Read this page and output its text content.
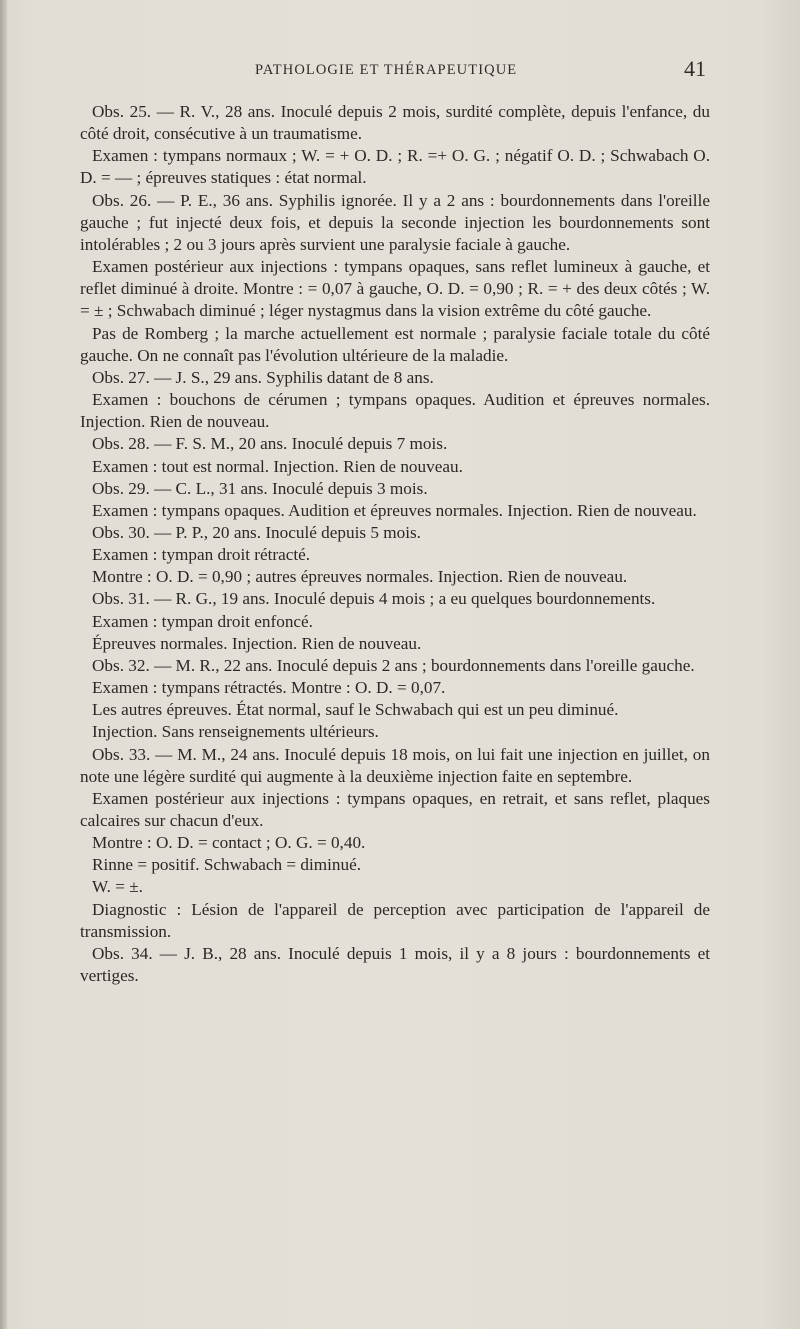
PATHOLOGIE ET THÉRAPEUTIQUE	41

Obs. 25. — R. V., 28 ans. Inoculé depuis 2 mois, surdité complète, depuis l'enfance, du côté droit, consécutive à un traumatisme.

Examen : tympans normaux ; W. = + O. D. ; R. =+ O. G. ; négatif O. D. ; Schwabach O. D. = — ; épreuves statiques : état normal.

Obs. 26. — P. E., 36 ans. Syphilis ignorée. Il y a 2 ans : bourdonnements dans l'oreille gauche ; fut injecté deux fois, et depuis la seconde injection les bourdonnements sont intolérables ; 2 ou 3 jours après survient une paralysie faciale à gauche.

Examen postérieur aux injections : tympans opaques, sans reflet lumineux à gauche, et reflet diminué à droite. Montre : = 0,07 à gauche, O. D. = 0,90 ; R. = + des deux côtés ; W. = ± ; Schwabach diminué ; léger nystagmus dans la vision extrême du côté gauche.

Pas de Romberg ; la marche actuellement est normale ; paralysie faciale totale du côté gauche. On ne connaît pas l'évolution ultérieure de la maladie.

Obs. 27. — J. S., 29 ans. Syphilis datant de 8 ans.

Examen : bouchons de cérumen ; tympans opaques. Audition et épreuves normales. Injection. Rien de nouveau.

Obs. 28. — F. S. M., 20 ans. Inoculé depuis 7 mois.

Examen : tout est normal. Injection. Rien de nouveau.

Obs. 29. — C. L., 31 ans. Inoculé depuis 3 mois.

Examen : tympans opaques. Audition et épreuves normales. Injection. Rien de nouveau.

Obs. 30. — P. P., 20 ans. Inoculé depuis 5 mois.

Examen : tympan droit rétracté.

Montre : O. D. = 0,90 ; autres épreuves normales. Injection. Rien de nouveau.

Obs. 31. — R. G., 19 ans. Inoculé depuis 4 mois ; a eu quelques bourdonnements.

Examen : tympan droit enfoncé.

Épreuves normales. Injection. Rien de nouveau.

Obs. 32. — M. R., 22 ans. Inoculé depuis 2 ans ; bourdonnements dans l'oreille gauche.

Examen : tympans rétractés. Montre : O. D. = 0,07.

Les autres épreuves. État normal, sauf le Schwabach qui est un peu diminué.

Injection. Sans renseignements ultérieurs.

Obs. 33. — M. M., 24 ans. Inoculé depuis 18 mois, on lui fait une injection en juillet, on note une légère surdité qui augmente à la deuxième injection faite en septembre.

Examen postérieur aux injections : tympans opaques, en retrait, et sans reflet, plaques calcaires sur chacun d'eux.

Montre : O. D. = contact ; O. G. = 0,40.

Rinne = positif. Schwabach = diminué.

W. = ±.

Diagnostic : Lésion de l'appareil de perception avec participation de l'appareil de transmission.

Obs. 34. — J. B., 28 ans. Inoculé depuis 1 mois, il y a 8 jours : bourdonnements et vertiges.
